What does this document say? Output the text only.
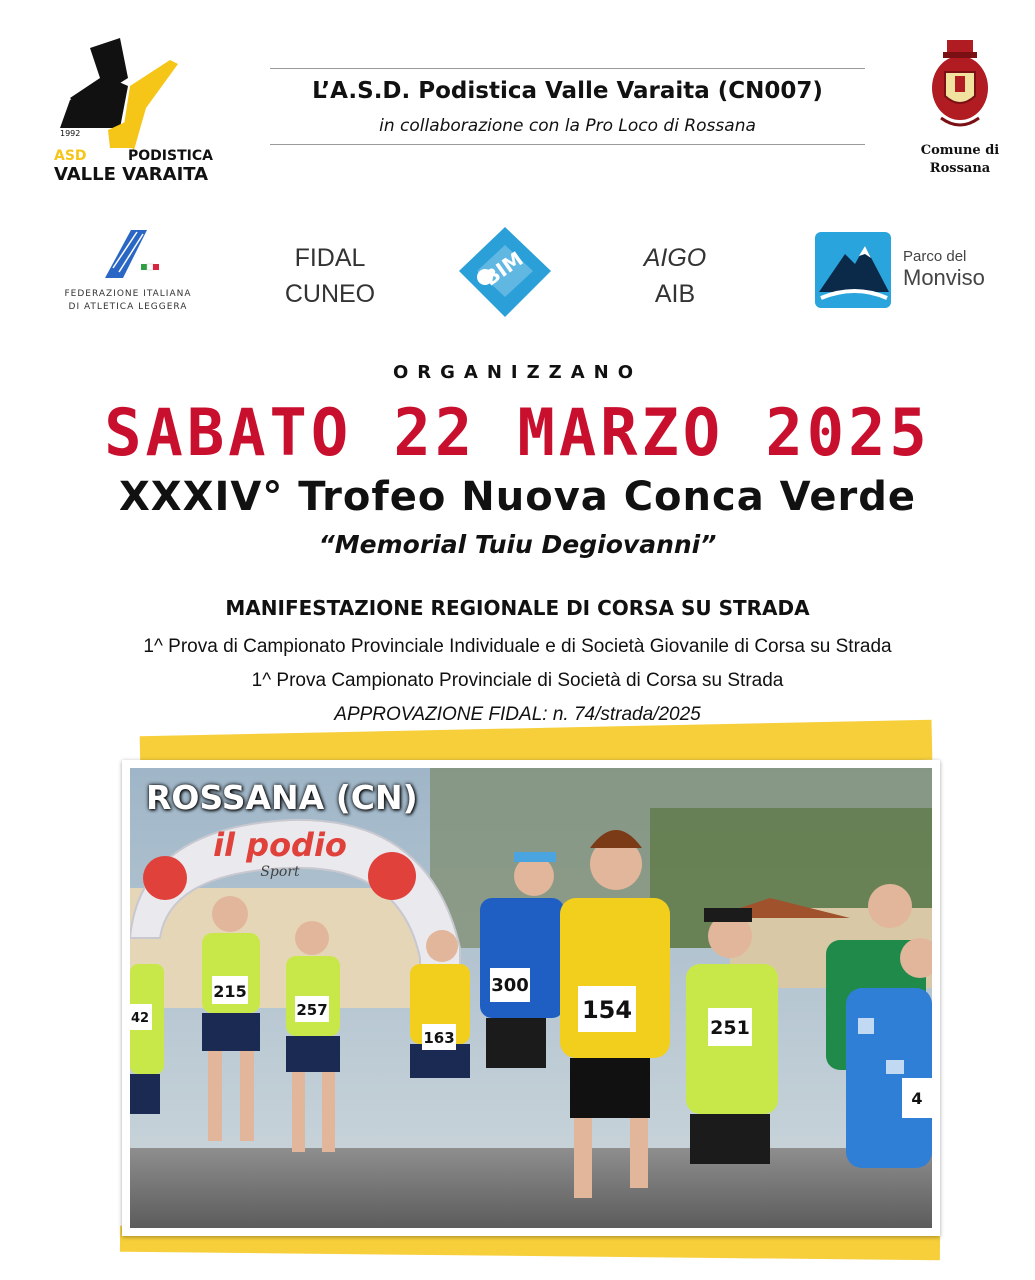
1992
ASD	PODISTICA
VALLE VARAITA
L’A.S.D. Podistica Valle Varaita (CN007)
in collaborazione con la Pro Loco di Rossana
Comune di
Rossana
FEDERAZIONE ITALIANA
DI ATLETICA LEGGERA
FIDAL
CUNEO
BIM	AIGO
AIB
Parco del
Monviso
ORGANIZZANO
SABATO 22 MARZO 2025
XXXIV° Trofeo Nuova Conca Verde
“Memorial Tuiu Degiovanni”
MANIFESTAZIONE REGIONALE DI CORSA SU STRADA
1^ Prova di Campionato Provinciale Individuale e di Società Giovanile di Corsa su Strada
1^ Prova Campionato Provinciale di Società di Corsa su Strada
APPROVAZIONE FIDAL: n. 74/strada/2025
il podio
Sport
215
257
163
300
154
251
4
42
ROSSANA (CN)
